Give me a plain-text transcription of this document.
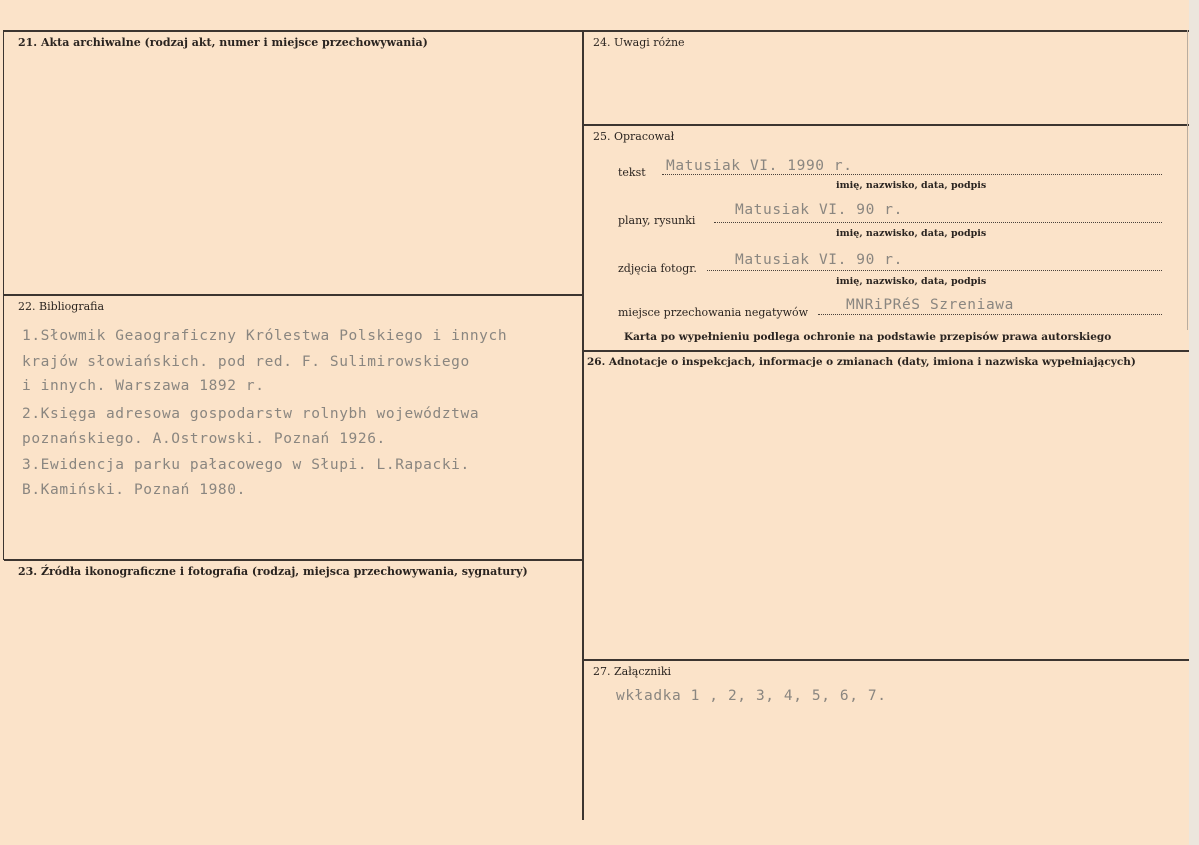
21. Akta archiwalne (rodzaj akt, numer i miejsce przechowywania)
22. Bibliografia
1.Słowmik Geaograficzny Królestwa Polskiego i innych
krajów słowiańskich. pod red. F. Sulimirowskiego
i innych. Warszawa 1892 r.
2.Księga adresowa gospodarstw rolnybh województwa
poznańskiego. A.Ostrowski. Poznań 1926.
3.Ewidencja parku pałacowego w Słupi. L.Rapacki.
B.Kamiński. Poznań 1980.
23. Źródła ikonograficzne i fotografia (rodzaj, miejsca przechowywania, sygnatury)
24. Uwagi różne
25. Opracował
tekst Matusiak VI. 1990 r.
imię, nazwisko, data, podpis
plany, rysunki
Matusiak VI. 90 r.
imię, nazwisko, data, podpis
zdjęcia fotogr.
Matusiak VI. 90 r.
imię, nazwisko, data, podpis
miejsce przechowania negatywów	MNRiPRéS Szreniawa
Karta po wypełnieniu podlega ochronie na podstawie przepisów prawa autorskiego
26. Adnotacje o inspekcjach, informacje o zmianach (daty, imiona i nazwiska wypełniających)
27. Załączniki
wkładka 1 , 2, 3, 4, 5, 6, 7.
